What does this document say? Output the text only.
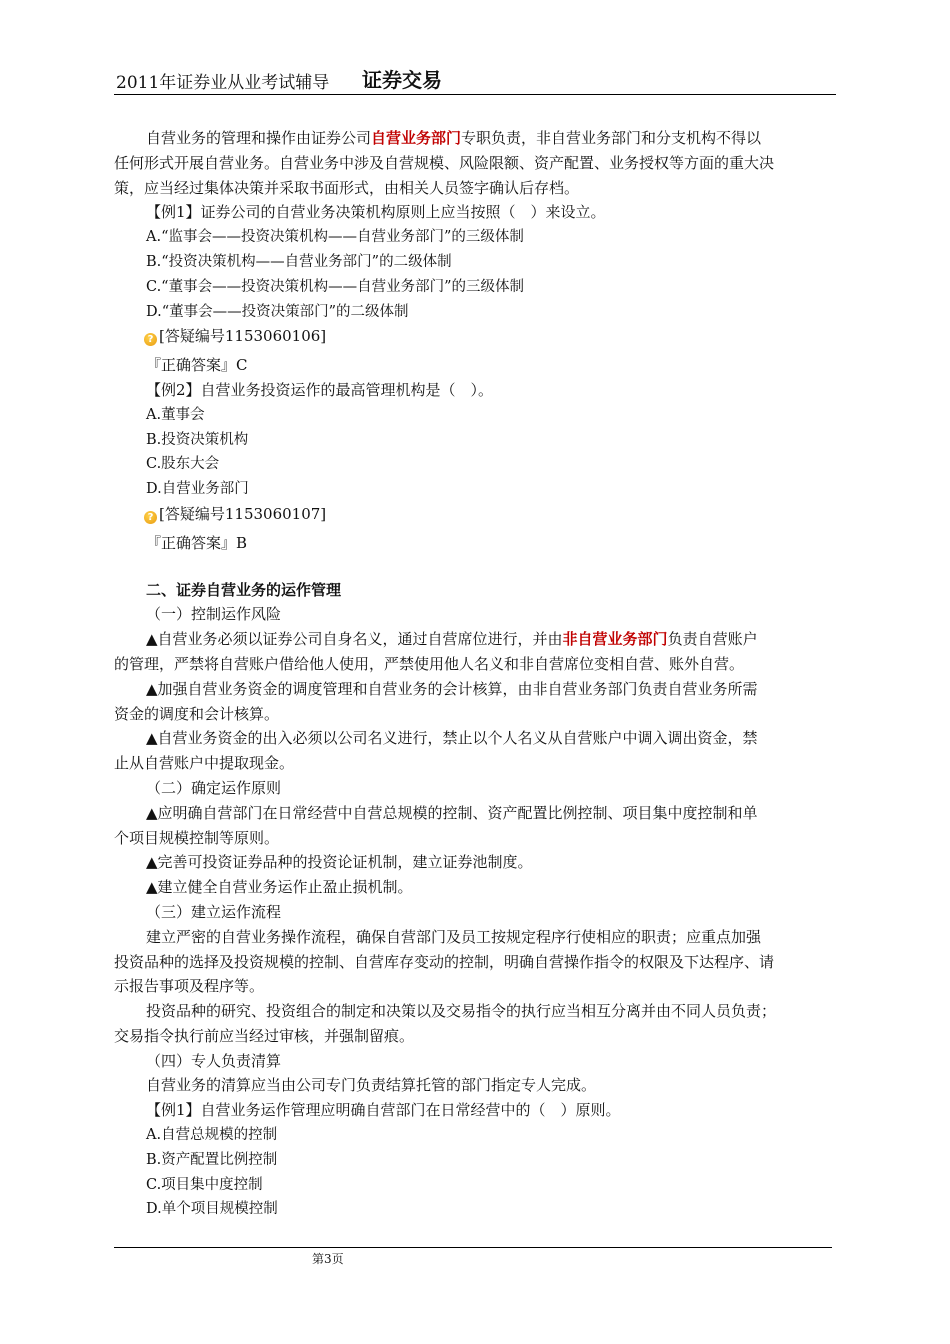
2011年证券业从业考试辅导 证券交易
自营业务的管理和操作由证券公司自营业务部门专职负责，非自营业务部门和分支机构不得以
任何形式开展自营业务。自营业务中涉及自营规模、风险限额、资产配置、业务授权等方面的重大决
策，应当经过集体决策并采取书面形式，由相关人员签字确认后存档。
【例1】证券公司的自营业务决策机构原则上应当按照（　）来设立。
A.“监事会——投资决策机构——自营业务部门”的三级体制
B.“投资决策机构——自营业务部门”的二级体制
C.“董事会——投资决策机构——自营业务部门”的三级体制
D.“董事会——投资决策部门”的二级体制
? [答疑编号1153060106]
『正确答案』C
【例2】自营业务投资运作的最高管理机构是（　）。
A.董事会
B.投资决策机构
C.股东大会
D.自营业务部门
? [答疑编号1153060107]
『正确答案』B
二、证券自营业务的运作管理
（一）控制运作风险
▲自营业务必须以证券公司自身名义，通过自营席位进行，并由非自营业务部门负责自营账户
的管理，严禁将自营账户借给他人使用，严禁使用他人名义和非自营席位变相自营、账外自营。
▲加强自营业务资金的调度管理和自营业务的会计核算，由非自营业务部门负责自营业务所需
资金的调度和会计核算。
▲自营业务资金的出入必须以公司名义进行，禁止以个人名义从自营账户中调入调出资金，禁
止从自营账户中提取现金。
（二）确定运作原则
▲应明确自营部门在日常经营中自营总规模的控制、资产配置比例控制、项目集中度控制和单
个项目规模控制等原则。
▲完善可投资证券品种的投资论证机制，建立证券池制度。
▲建立健全自营业务运作止盈止损机制。
（三）建立运作流程
建立严密的自营业务操作流程，确保自营部门及员工按规定程序行使相应的职责；应重点加强
投资品种的选择及投资规模的控制、自营库存变动的控制，明确自营操作指令的权限及下达程序、请
示报告事项及程序等。
投资品种的研究、投资组合的制定和决策以及交易指令的执行应当相互分离并由不同人员负责；
交易指令执行前应当经过审核，并强制留痕。
（四）专人负责清算
自营业务的清算应当由公司专门负责结算托管的部门指定专人完成。
【例1】自营业务运作管理应明确自营部门在日常经营中的（　）原则。
A.自营总规模的控制
B.资产配置比例控制
C.项目集中度控制
D.单个项目规模控制
第3页
